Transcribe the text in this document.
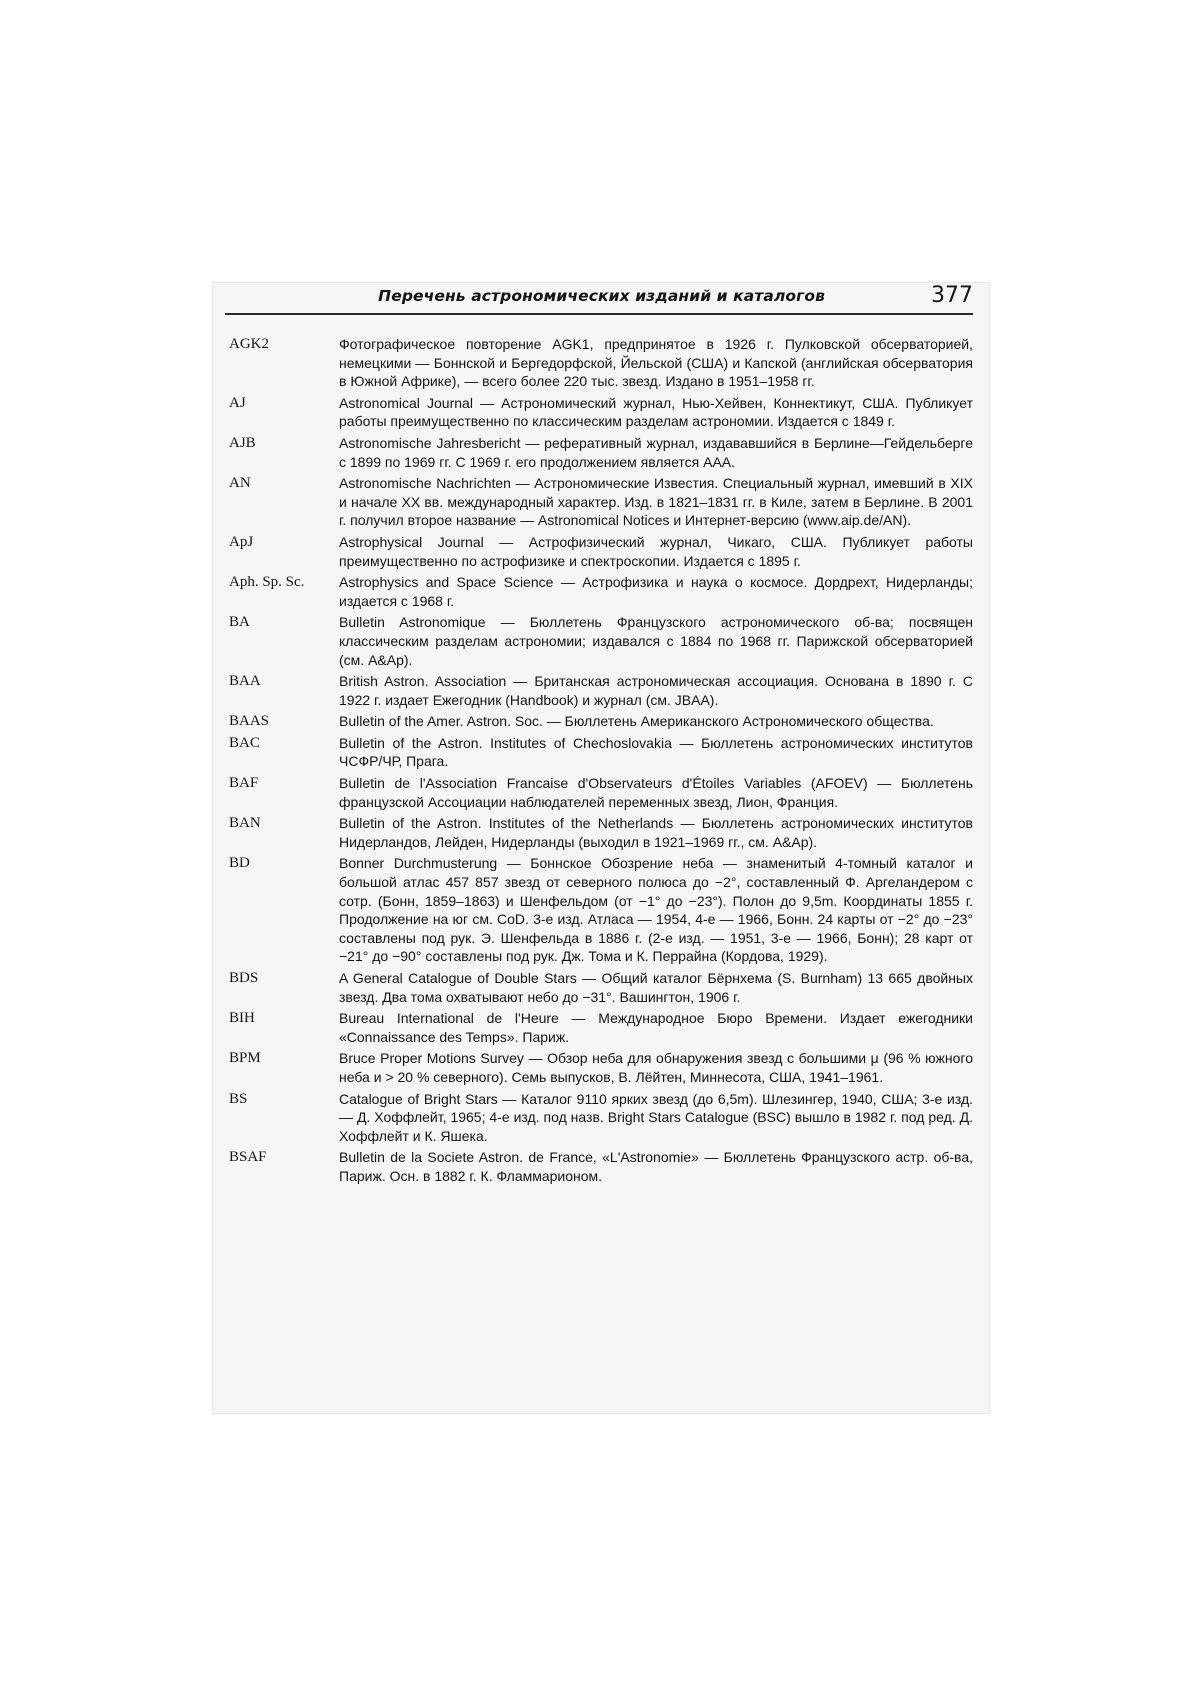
Перечень астрономических изданий и каталогов	377
AGK2	Фотографическое повторение AGK1, предпринятое в 1926 г. Пулковской обсерваторией, немецкими — Боннской и Бергедорфской, Йельской (США) и Капской (английская обсерватория в Южной Африке), — всего более 220 тыс. звезд. Издано в 1951–1958 гг.
AJ	Astronomical Journal — Астрономический журнал, Нью-Хейвен, Коннектикут, США. Публикует работы преимущественно по классическим разделам астрономии. Издается с 1849 г.
AJB	Astronomische Jahresbericht — реферативный журнал, издававшийся в Берлине—Гейдельберге с 1899 по 1969 гг. С 1969 г. его продолжением является AAA.
AN	Astronomische Nachrichten — Астрономические Известия. Специальный журнал, имевший в XIX и начале XX вв. международный характер. Изд. в 1821–1831 гг. в Киле, затем в Берлине. В 2001 г. получил второе название — Astronomical Notices и Интернет-версию (www.aip.de/AN).
ApJ	Astrophysical Journal — Астрофизический журнал, Чикаго, США. Публикует работы преимущественно по астрофизике и спектроскопии. Издается с 1895 г.
Aph. Sp. Sc.	Astrophysics and Space Science — Астрофизика и наука о космосе. Дордрехт, Нидерланды; издается с 1968 г.
BA	Bulletin Astronomique — Бюллетень Французского астрономического об-ва; посвящен классическим разделам астрономии; издавался с 1884 по 1968 гг. Парижской обсерваторией (см. A&Ap).
BAA	British Astron. Association — Британская астрономическая ассоциация. Основана в 1890 г. С 1922 г. издает Ежегодник (Handbook) и журнал (см. JBAA).
BAAS	Bulletin of the Amer. Astron. Soc. — Бюллетень Американского Астрономического общества.
BAC	Bulletin of the Astron. Institutes of Chechoslovakia — Бюллетень астрономических институтов ЧСФР/ЧР, Прага.
BAF	Bulletin de l'Association Francaise d'Observateurs d'Étoiles Variables (AFOEV) — Бюллетень французской Ассоциации наблюдателей переменных звезд, Лион, Франция.
BAN	Bulletin of the Astron. Institutes of the Netherlands — Бюллетень астрономических институтов Нидерландов, Лейден, Нидерланды (выходил в 1921–1969 гг., см. A&Ap).
BD	Bonner Durchmusterung — Боннское Обозрение неба — знаменитый 4-томный каталог и большой атлас 457 857 звезд от северного полюса до −2°, составленный Ф. Аргеландером с сотр. (Бонн, 1859–1863) и Шенфельдом (от −1° до −23°). Полон до 9,5m. Координаты 1855 г. Продолжение на юг см. CoD. 3-е изд. Атласа — 1954, 4-е — 1966, Бонн. 24 карты от −2° до −23° составлены под рук. Э. Шенфельда в 1886 г. (2-е изд. — 1951, 3-е — 1966, Бонн); 28 карт от −21° до −90° составлены под рук. Дж. Тома и К. Перрайна (Кордова, 1929).
BDS	A General Catalogue of Double Stars — Общий каталог Бёрнхема (S. Burnham) 13 665 двойных звезд. Два тома охватывают небо до −31°. Вашингтон, 1906 г.
BIH	Bureau International de l'Heure — Международное Бюро Времени. Издает ежегодники «Connaissance des Temps». Париж.
BPM	Bruce Proper Motions Survey — Обзор неба для обнаружения звезд с большими μ (96 % южного неба и > 20 % северного). Семь выпусков, В. Лёйтен, Миннесота, США, 1941–1961.
BS	Catalogue of Bright Stars — Каталог 9110 ярких звезд (до 6,5m). Шлезингер, 1940, США; 3-е изд. — Д. Хоффлейт, 1965; 4-е изд. под назв. Bright Stars Catalogue (BSC) вышло в 1982 г. под ред. Д. Хоффлейт и К. Яшека.
BSAF	Bulletin de la Societe Astron. de France, «L'Astronomie» — Бюллетень Французского астр. об-ва, Париж. Осн. в 1882 г. К. Фламмарионом.
